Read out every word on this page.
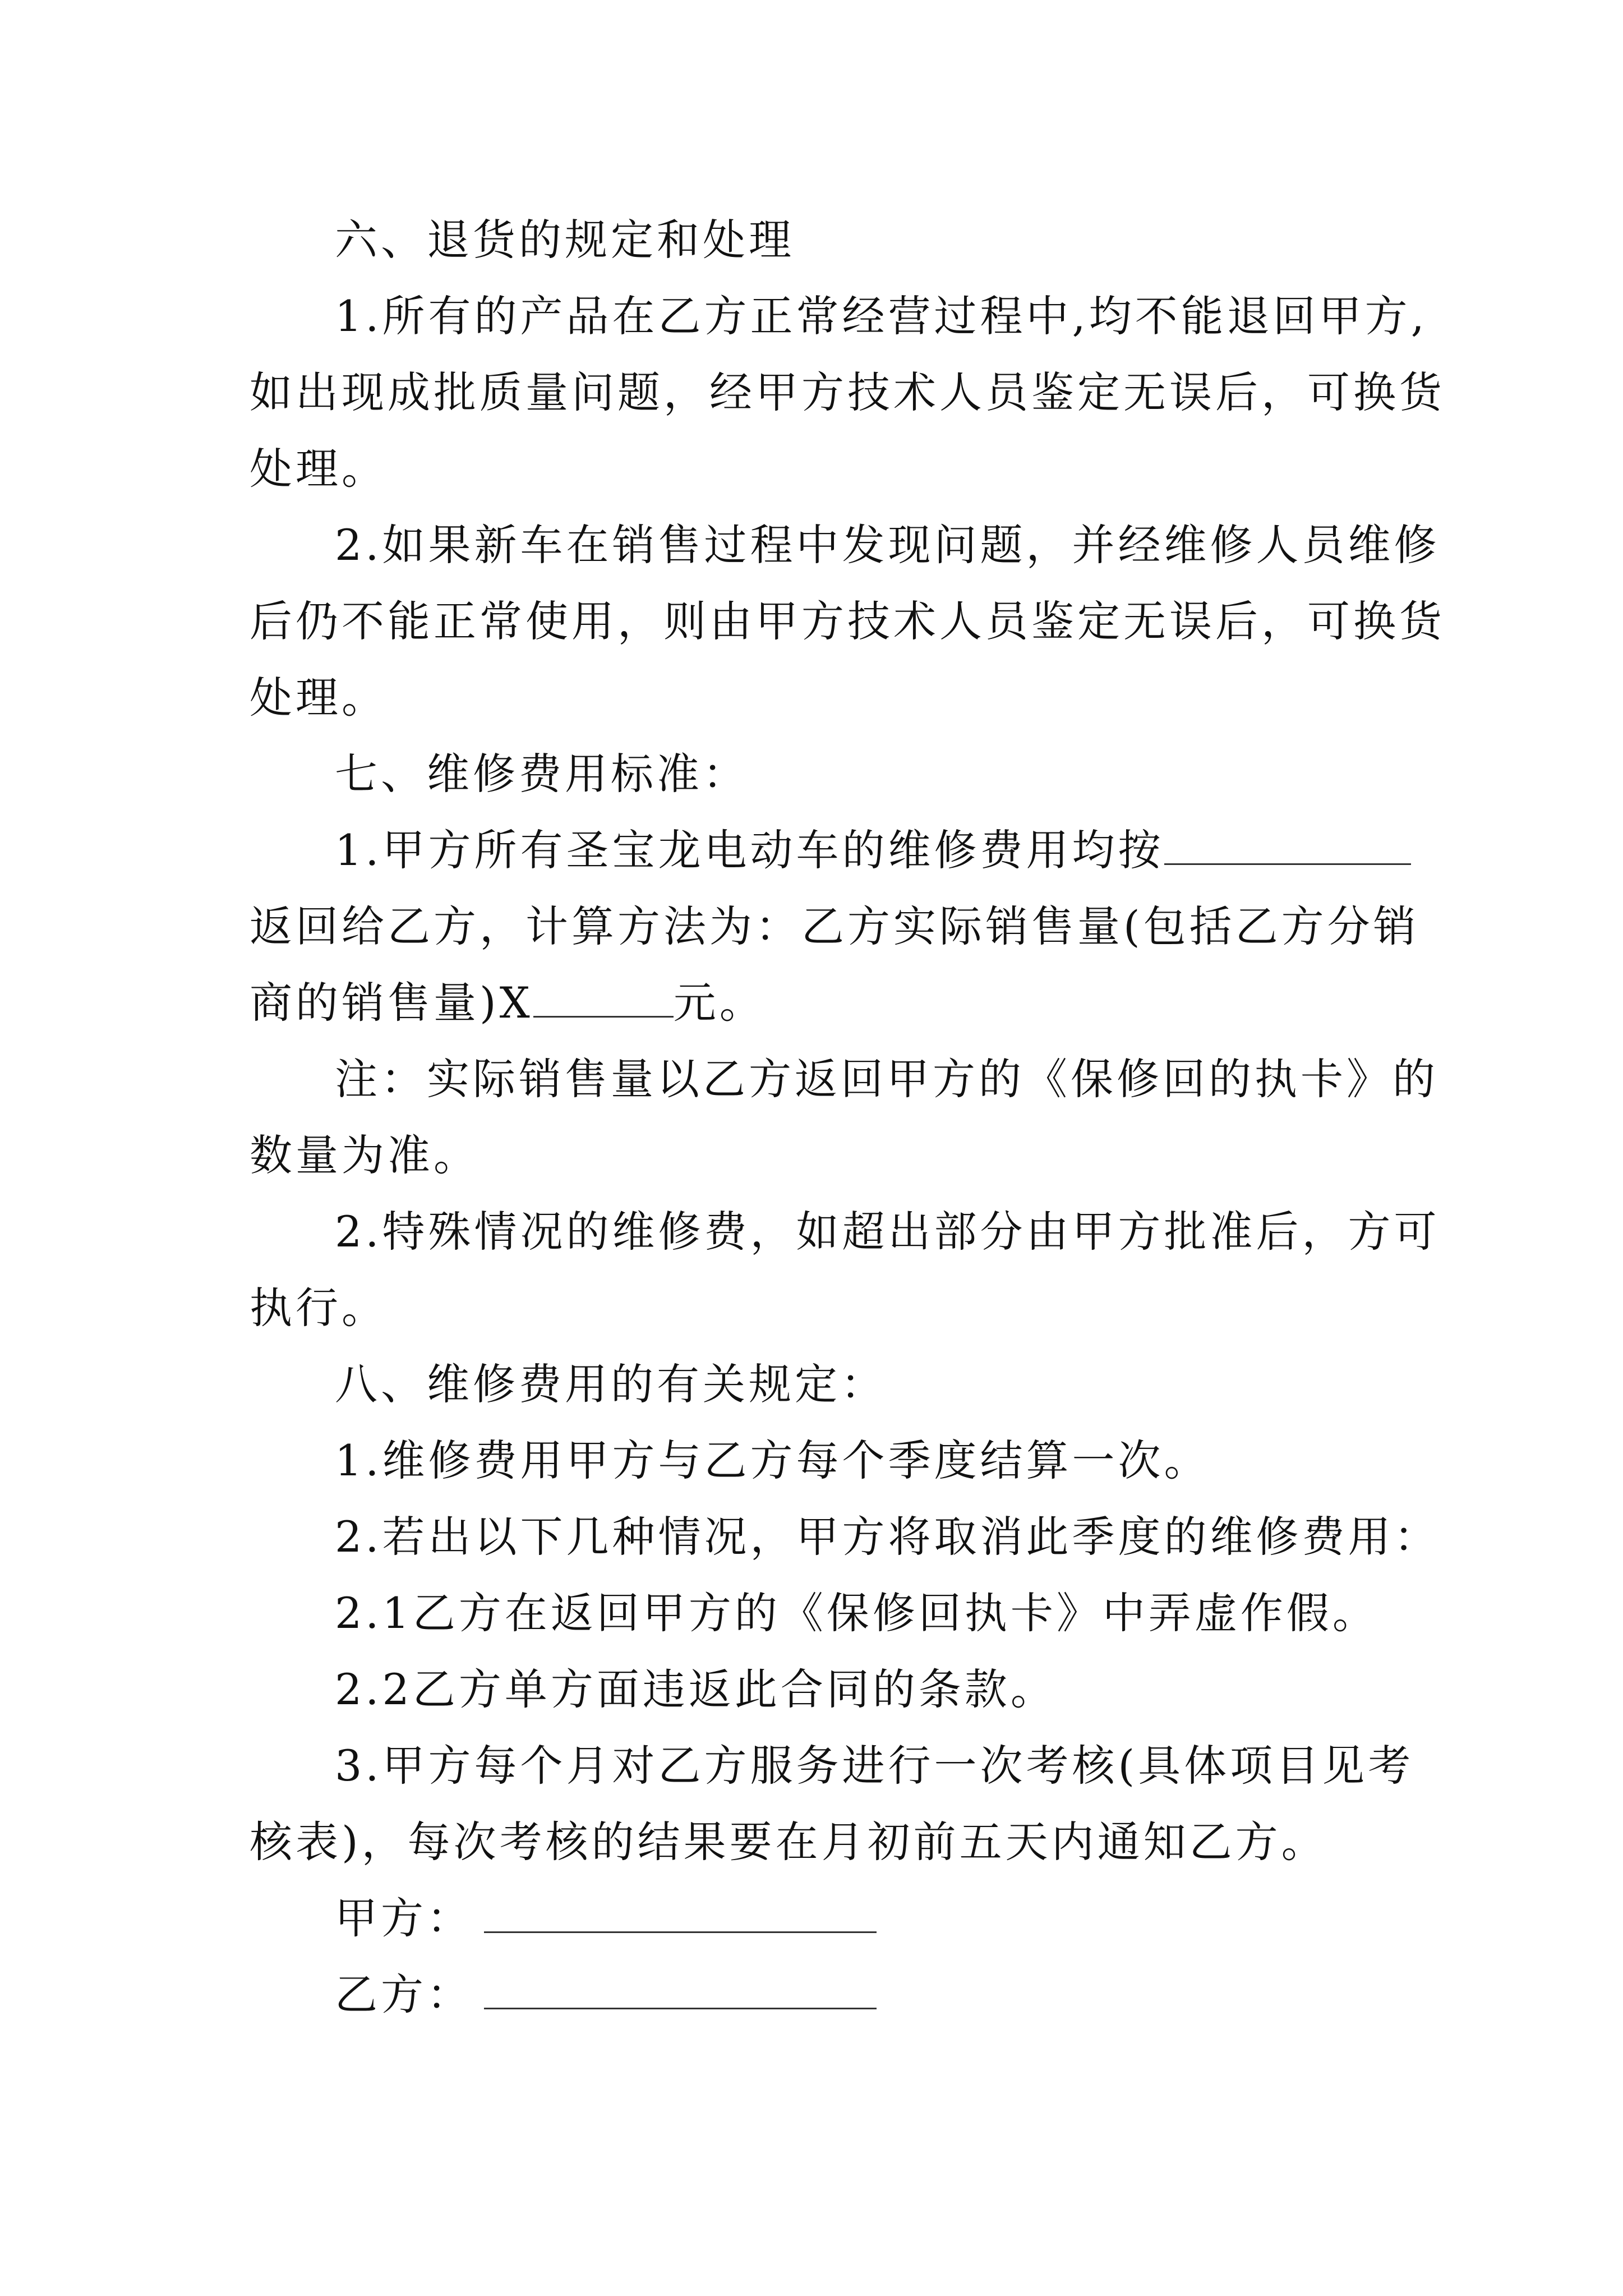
六、退货的规定和处理
1.所有的产品在乙方正常经营过程中,均不能退回甲方,
如出现成批质量问题，经甲方技术人员鉴定无误后，可换货
处理。
2.如果新车在销售过程中发现问题，并经维修人员维修
后仍不能正常使用，则由甲方技术人员鉴定无误后，可换货
处理。
七、维修费用标准：
1.甲方所有圣宝龙电动车的维修费用均按
返回给乙方，计算方法为：乙方实际销售量(包括乙方分销
商的销售量)X	元。
注：实际销售量以乙方返回甲方的《保修回的执卡》的
数量为准。
2.特殊情况的维修费，如超出部分由甲方批准后，方可
执行。
八、维修费用的有关规定：
1.维修费用甲方与乙方每个季度结算一次。
2.若出以下几种情况，甲方将取消此季度的维修费用：
2.1乙方在返回甲方的《保修回执卡》中弄虚作假。
2.2乙方单方面违返此合同的条款。
3.甲方每个月对乙方服务进行一次考核(具体项目见考
核表)，每次考核的结果要在月初前五天内通知乙方。
甲方：
乙方：
